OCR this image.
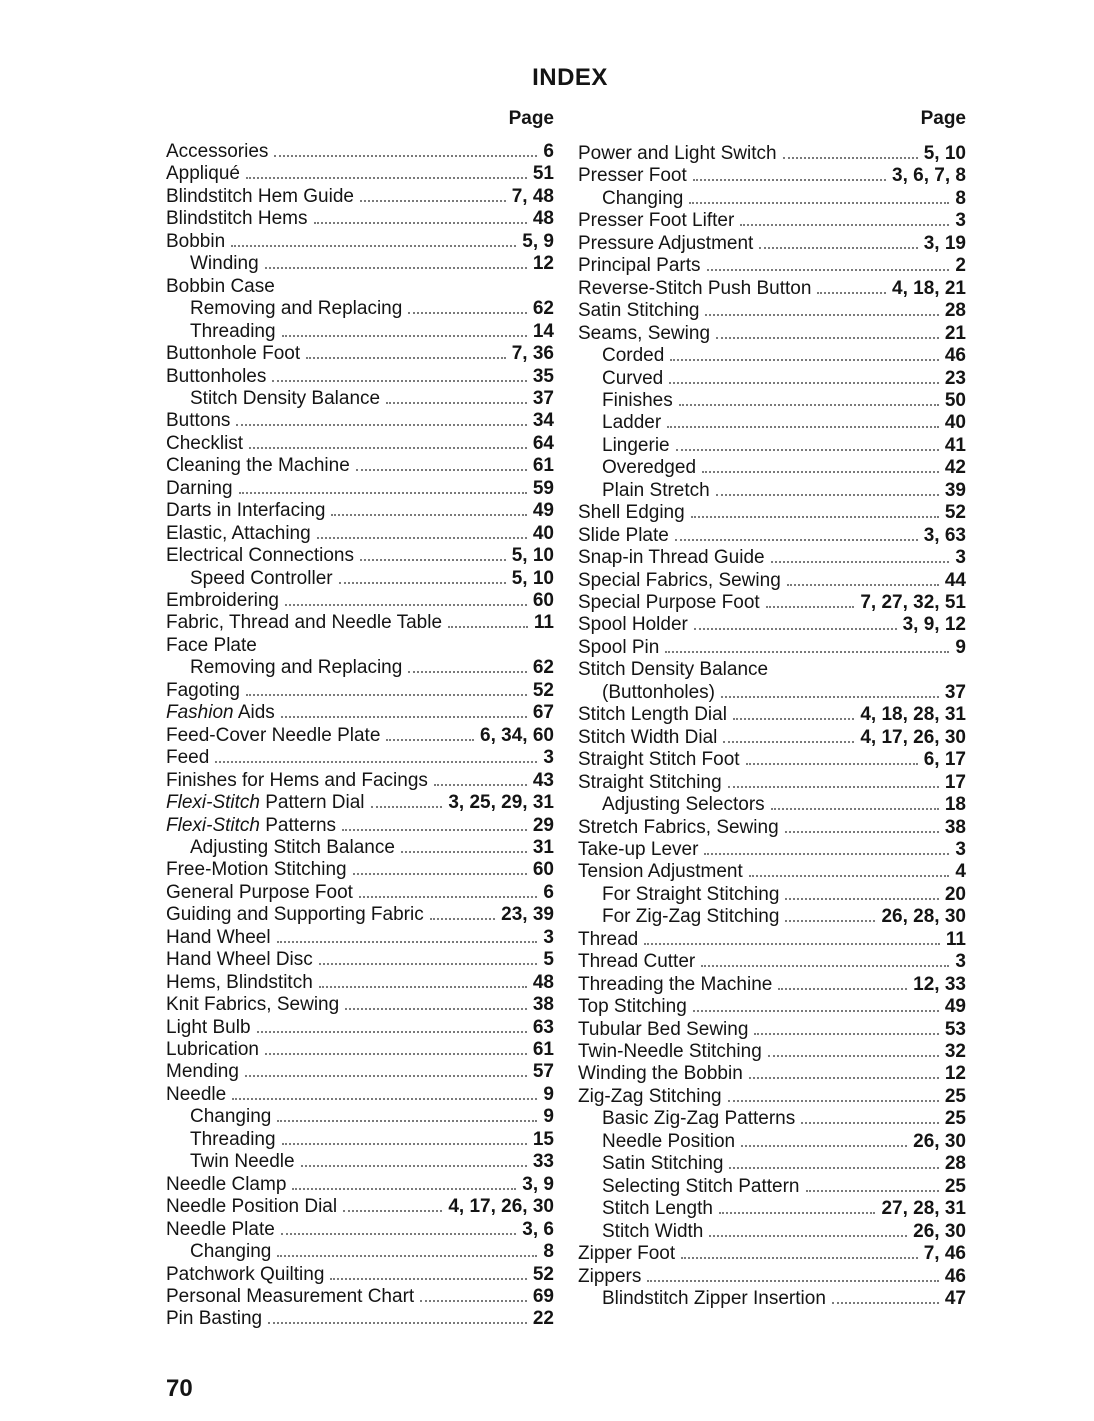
INDEX
Page
Accessories	6
Appliqué	51
Blindstitch Hem Guide	7, 48
Blindstitch Hems	48
Bobbin	5, 9
Winding	12
Bobbin Case
Removing and Replacing	62
Threading	14
Buttonhole Foot	7, 36
Buttonholes	35
Stitch Density Balance	37
Buttons	34
Checklist	64
Cleaning the Machine	61
Darning	59
Darts in Interfacing	49
Elastic, Attaching	40
Electrical Connections	5, 10
Speed Controller	5, 10
Embroidering	60
Fabric, Thread and Needle Table	11
Face Plate
Removing and Replacing	62
Fagoting	52
Fashion Aids	67
Feed-Cover Needle Plate	6, 34, 60
Feed	3
Finishes for Hems and Facings	43
Flexi-Stitch Pattern Dial	3, 25, 29, 31
Flexi-Stitch Patterns	29
Adjusting Stitch Balance	31
Free-Motion Stitching	60
General Purpose Foot	6
Guiding and Supporting Fabric	23, 39
Hand Wheel	3
Hand Wheel Disc	5
Hems, Blindstitch	48
Knit Fabrics, Sewing	38
Light Bulb	63
Lubrication	61
Mending	57
Needle	9
Changing	9
Threading	15
Twin Needle	33
Needle Clamp	3, 9
Needle Position Dial	4, 17, 26, 30
Needle Plate	3, 6
Changing	8
Patchwork Quilting	52
Personal Measurement Chart	69
Pin Basting	22
Page
Power and Light Switch	5, 10
Presser Foot	3, 6, 7, 8
Changing	8
Presser Foot Lifter	3
Pressure Adjustment	3, 19
Principal Parts	2
Reverse-Stitch Push Button	4, 18, 21
Satin Stitching	28
Seams, Sewing	21
Corded	46
Curved	23
Finishes	50
Ladder	40
Lingerie	41
Overedged	42
Plain Stretch	39
Shell Edging	52
Slide Plate	3, 63
Snap-in Thread Guide	3
Special Fabrics, Sewing	44
Special Purpose Foot	7, 27, 32, 51
Spool Holder	3, 9, 12
Spool Pin	9
Stitch Density Balance
(Buttonholes)	37
Stitch Length Dial	4, 18, 28, 31
Stitch Width Dial	4, 17, 26, 30
Straight Stitch Foot	6, 17
Straight Stitching	17
Adjusting Selectors	18
Stretch Fabrics, Sewing	38
Take-up Lever	3
Tension Adjustment	4
For Straight Stitching	20
For Zig-Zag Stitching	26, 28, 30
Thread	11
Thread Cutter	3
Threading the Machine	12, 33
Top Stitching	49
Tubular Bed Sewing	53
Twin-Needle Stitching	32
Winding the Bobbin	12
Zig-Zag Stitching	25
Basic Zig-Zag Patterns	25
Needle Position	26, 30
Satin Stitching	28
Selecting Stitch Pattern	25
Stitch Length	27, 28, 31
Stitch Width	26, 30
Zipper Foot	7, 46
Zippers	46
Blindstitch Zipper Insertion	47
70
